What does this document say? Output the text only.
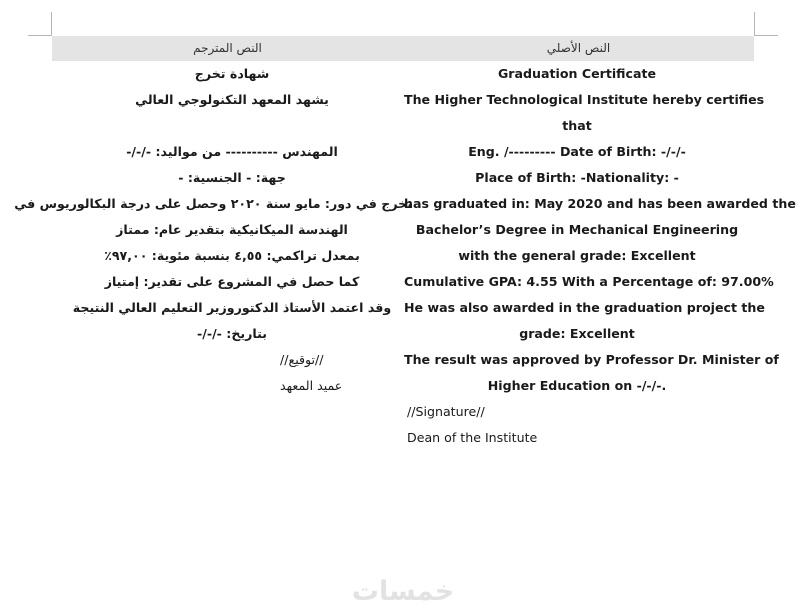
النص المترجم	النص الأصلي
Graduation Certificate
The Higher Technological Institute hereby certifies
that
Eng. /--------- Date of Birth: -/-/-
Place of Birth: -Nationality: -
has graduated in: May 2020 and has been awarded the
Bachelor’s Degree in Mechanical Engineering
with the general grade: Excellent
Cumulative GPA: 4.55 With a Percentage of: 97.00%
He was also awarded in the graduation project the
grade: Excellent
The result was approved by Professor Dr. Minister of
Higher Education on -/-/-.
//Signature//
Dean of the Institute
شهادة تخرج
يشهد المعهد التكنولوجي العالي
المهندس ---------- من مواليد: -/-/-
جهة: - الجنسية: -
تخرج في دور: مايو سنة ٢٠٢٠ وحصل على درجة البكالوريوس في
الهندسة الميكانيكية بتقدير عام: ممتاز
بمعدل تراكمي: ٤,٥٥ بنسبة مئوية: ٩٧,٠٠٪
كما حصل في المشروع على تقدير: إمتياز
وقد اعتمد الأستاذ الدكتوروزير التعليم العالي النتيجة
بتاريخ: -/-/-
//توقيع//
عميد المعهد
خمسات
